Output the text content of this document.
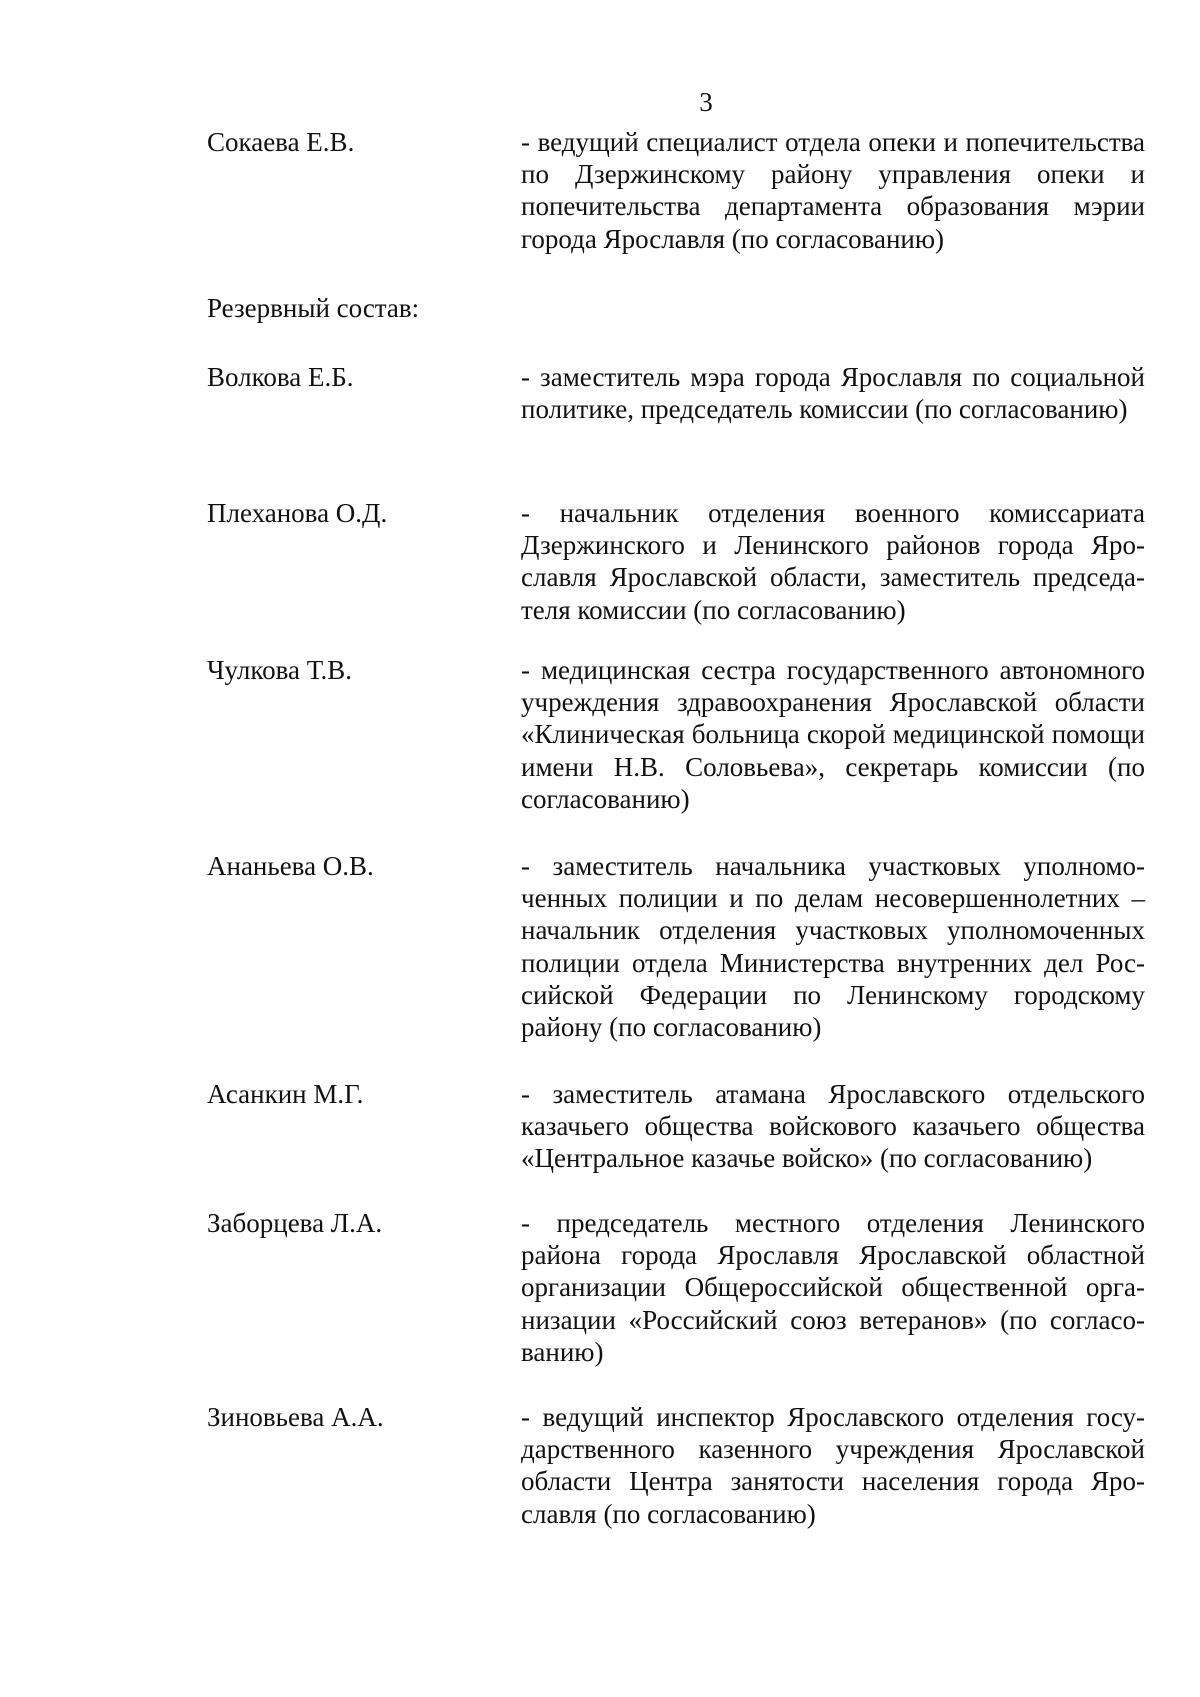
3
Сокаева Е.В.	- ведущий специалист отдела опеки и попечительства по Дзержинскому району управления опеки и попечительства департамента образования мэрии города Ярославля (по согласованию)
Резервный состав:
Волкова Е.Б.	- заместитель мэра города Ярославля по социальной политике, председатель комиссии (по согласованию)
Плеханова О.Д.	- начальник отделения военного комиссариата Дзержинского и Ленинского районов города Ярославля Ярославской области, заместитель председателя комиссии (по согласованию)
Чулкова Т.В.	- медицинская сестра государственного автономного учреждения здравоохранения Ярославской области «Клиническая больница скорой медицинской помощи имени Н.В. Соловьева», секретарь комиссии (по согласованию)
Ананьева О.В.	- заместитель начальника участковых уполномоченных полиции и по делам несовершеннолетних – начальник отделения участковых уполномоченных полиции отдела Министерства внутренних дел Российской Федерации по Ленинскому городскому району (по согласованию)
Асанкин М.Г.	- заместитель атамана Ярославского отдельского казачьего общества войскового казачьего общества «Центральное казачье войско» (по согласованию)
Заборцева Л.А.	- председатель местного отделения Ленинского района города Ярославля Ярославской областной организации Общероссийской общественной организации «Российский союз ветеранов» (по согласованию)
Зиновьева А.А.	- ведущий инспектор Ярославского отделения государственного казенного учреждения Ярославской области Центра занятости населения города Ярославля (по согласованию)
